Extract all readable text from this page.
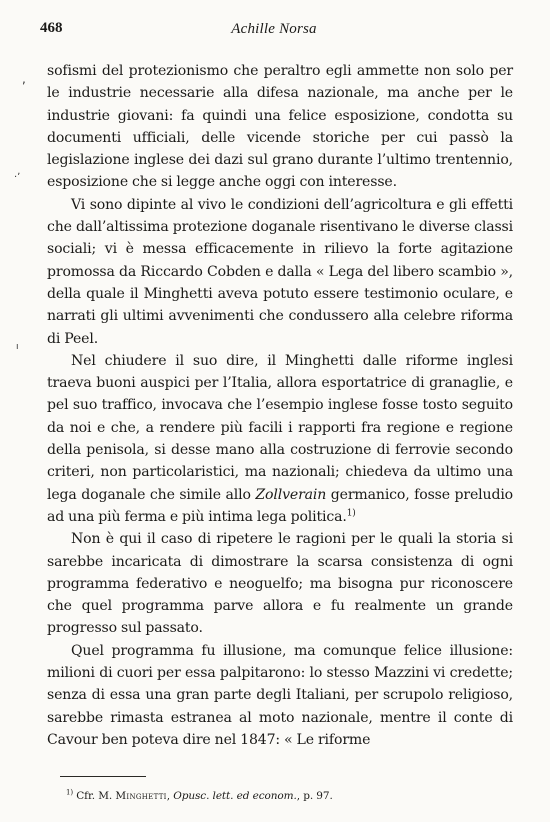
468	Achille Norsa

sofismi del protezionismo che peraltro egli ammette non solo per le industrie necessarie alla difesa nazionale, ma anche per le industrie giovani: fa quindi una felice esposizione, condotta su documenti ufficiali, delle vicende storiche per cui passò la legislazione inglese dei dazi sul grano durante l’ultimo trentennio, esposizione che si legge anche oggi con interesse.

Vi sono dipinte al vivo le condizioni dell’agricoltura e gli effetti che dall’altissima protezione doganale risentivano le diverse classi sociali; vi è messa efficacemente in rilievo la forte agitazione promossa da Riccardo Cobden e dalla « Lega del libero scambio », della quale il Minghetti aveva potuto essere testimonio oculare, e narrati gli ultimi avvenimenti che condussero alla celebre riforma di Peel.

Nel chiudere il suo dire, il Minghetti dalle riforme inglesi traeva buoni auspici per l’Italia, allora esportatrice di granaglie, e pel suo traffico, invocava che l’esempio inglese fosse tosto seguito da noi e che, a rendere più facili i rapporti fra regione e regione della penisola, si desse mano alla costruzione di ferrovie secondo criteri, non particolaristici, ma nazionali; chiedeva da ultimo una lega doganale che simile allo Zollverain germanico, fosse preludio ad una più ferma e più intima lega politica.$^{1)}$

Non è qui il caso di ripetere le ragioni per le quali la storia si sarebbe incaricata di dimostrare la scarsa consistenza di ogni programma federativo e neoguelfo; ma bisogna pur riconoscere che quel programma parve allora e fu realmente un grande progresso sul passato.

Quel programma fu illusione, ma comunque felice illusione: milioni di cuori per essa palpitarono: lo stesso Mazzini vi credette; senza di essa una gran parte degli Italiani, per scrupolo religioso, sarebbe rimasta estranea al moto nazionale, mentre il conte di Cavour ben poteva dire nel 1847: « Le riforme

$^{1)}$ Cfr. M. Minghetti, Opusc. lett. ed econom., p. 97.
,
·ʼ
ı
